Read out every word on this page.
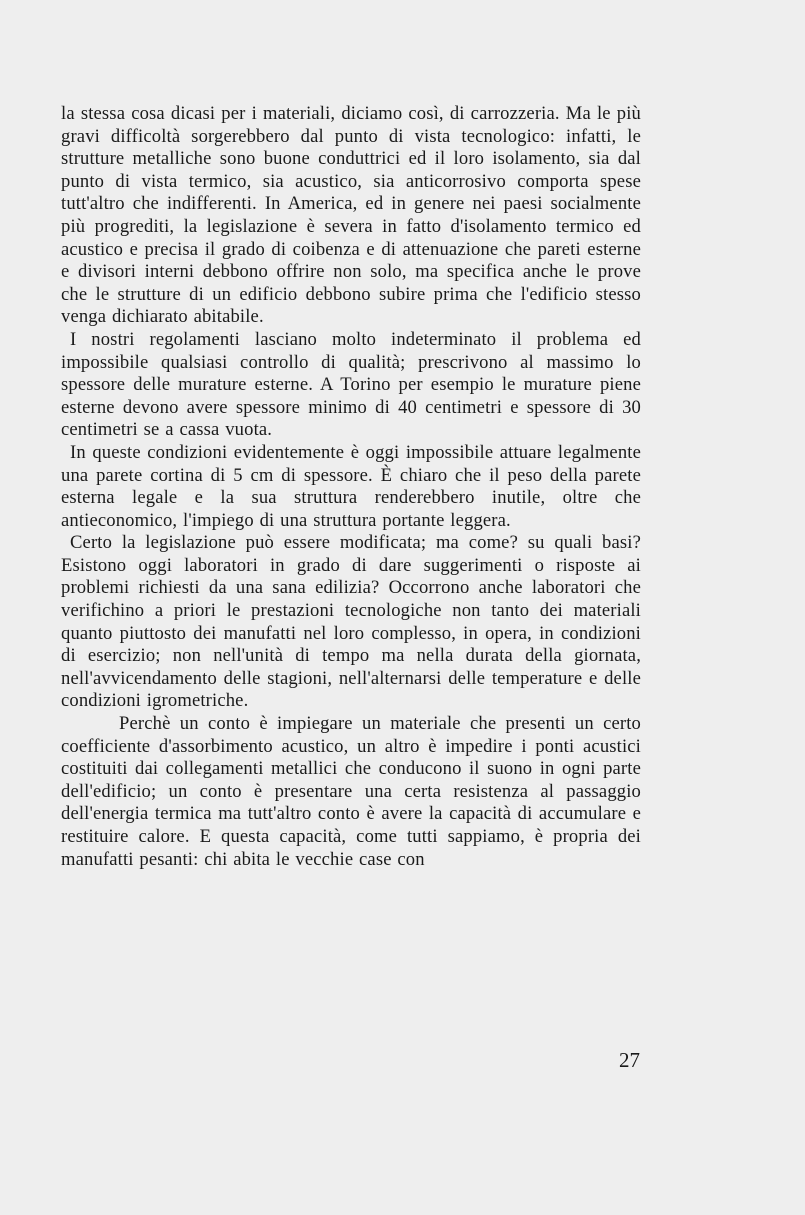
la stessa cosa dicasi per i materiali, diciamo così, di carrozzeria. Ma le più gravi difficoltà sorgerebbero dal punto di vista tecnologico: infatti, le strutture metalliche sono buone conduttrici ed il loro isolamento, sia dal punto di vista termico, sia acustico, sia anticorrosivo comporta spese tutt'altro che indifferenti. In America, ed in genere nei paesi socialmente più progrediti, la legislazione è severa in fatto d'isolamento termico ed acustico e precisa il grado di coibenza e di attenuazione che pareti esterne e divisori interni debbono offrire non solo, ma specifica anche le prove che le strutture di un edificio debbono subire prima che l'edificio stesso venga dichiarato abitabile.

I nostri regolamenti lasciano molto indeterminato il problema ed impossibile qualsiasi controllo di qualità; prescrivono al massimo lo spessore delle murature esterne. A Torino per esempio le murature piene esterne devono avere spessore minimo di 40 centimetri e spessore di 30 centimetri se a cassa vuota.

In queste condizioni evidentemente è oggi impossibile attuare legalmente una parete cortina di 5 cm di spessore. È chiaro che il peso della parete esterna legale e la sua struttura renderebbero inutile, oltre che antieconomico, l'impiego di una struttura portante leggera.

Certo la legislazione può essere modificata; ma come? su quali basi? Esistono oggi laboratori in grado di dare suggerimenti o risposte ai problemi richiesti da una sana edilizia? Occorrono anche laboratori che verifichino a priori le prestazioni tecnologiche non tanto dei materiali quanto piuttosto dei manufatti nel loro complesso, in opera, in condizioni di esercizio; non nell'unità di tempo ma nella durata della giornata, nell'avvicendamento delle stagioni, nell'alternarsi delle temperature e delle condizioni igrometriche.

Perchè un conto è impiegare un materiale che presenti un certo coefficiente d'assorbimento acustico, un altro è impedire i ponti acustici costituiti dai collegamenti metallici che conducono il suono in ogni parte dell'edificio; un conto è presentare una certa resistenza al passaggio dell'energia termica ma tutt'altro conto è avere la capacità di accumulare e restituire calore. E questa capacità, come tutti sappiamo, è propria dei manufatti pesanti: chi abita le vecchie case con

27
